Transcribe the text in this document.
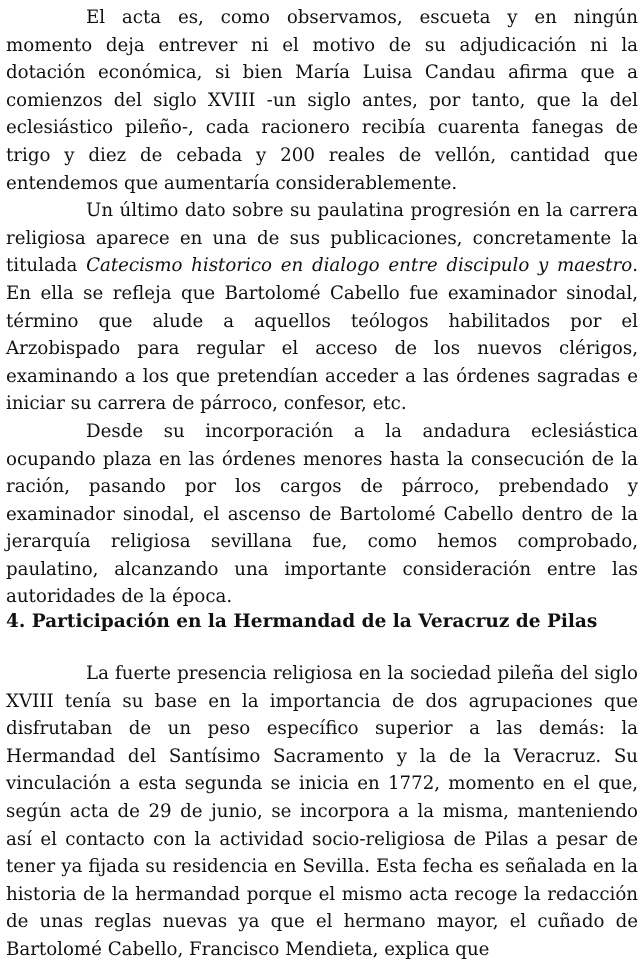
El acta es, como observamos, escueta y en ningún momento deja entrever ni el motivo de su adjudicación ni la dotación económica, si bien María Luisa Candau afirma que a comienzos del siglo XVIII -un siglo antes, por tanto, que la del eclesiástico pileño-, cada racionero recibía cuarenta fanegas de trigo y diez de cebada y 200 reales de vellón, cantidad que entendemos que aumentaría considerablemente.

Un último dato sobre su paulatina progresión en la carrera religiosa aparece en una de sus publicaciones, concretamente la titulada Catecismo historico en dialogo entre discipulo y maestro. En ella se refleja que Bartolomé Cabello fue examinador sinodal, término que alude a aquellos teólogos habilitados por el Arzobispado para regular el acceso de los nuevos clérigos, examinando a los que pretendían acceder a las órdenes sagradas e iniciar su carrera de párroco, confesor, etc.

Desde su incorporación a la andadura eclesiástica ocupando plaza en las órdenes menores hasta la consecución de la ración, pasando por los cargos de párroco, prebendado y examinador sinodal, el ascenso de Bartolomé Cabello dentro de la jerarquía religiosa sevillana fue, como hemos comprobado, paulatino, alcanzando una importante consideración entre las autoridades de la época.

4. Participación en la Hermandad de la Veracruz de Pilas

La fuerte presencia religiosa en la sociedad pileña del siglo XVIII tenía su base en la importancia de dos agrupaciones que disfrutaban de un peso específico superior a las demás: la Hermandad del Santísimo Sacramento y la de la Veracruz. Su vinculación a esta segunda se inicia en 1772, momento en el que, según acta de 29 de junio, se incorpora a la misma, manteniendo así el contacto con la actividad socio-religiosa de Pilas a pesar de tener ya fijada su residencia en Sevilla. Esta fecha es señalada en la historia de la hermandad porque el mismo acta recoge la redacción de unas reglas nuevas ya que el hermano mayor, el cuñado de Bartolomé Cabello, Francisco Mendieta, explica que
